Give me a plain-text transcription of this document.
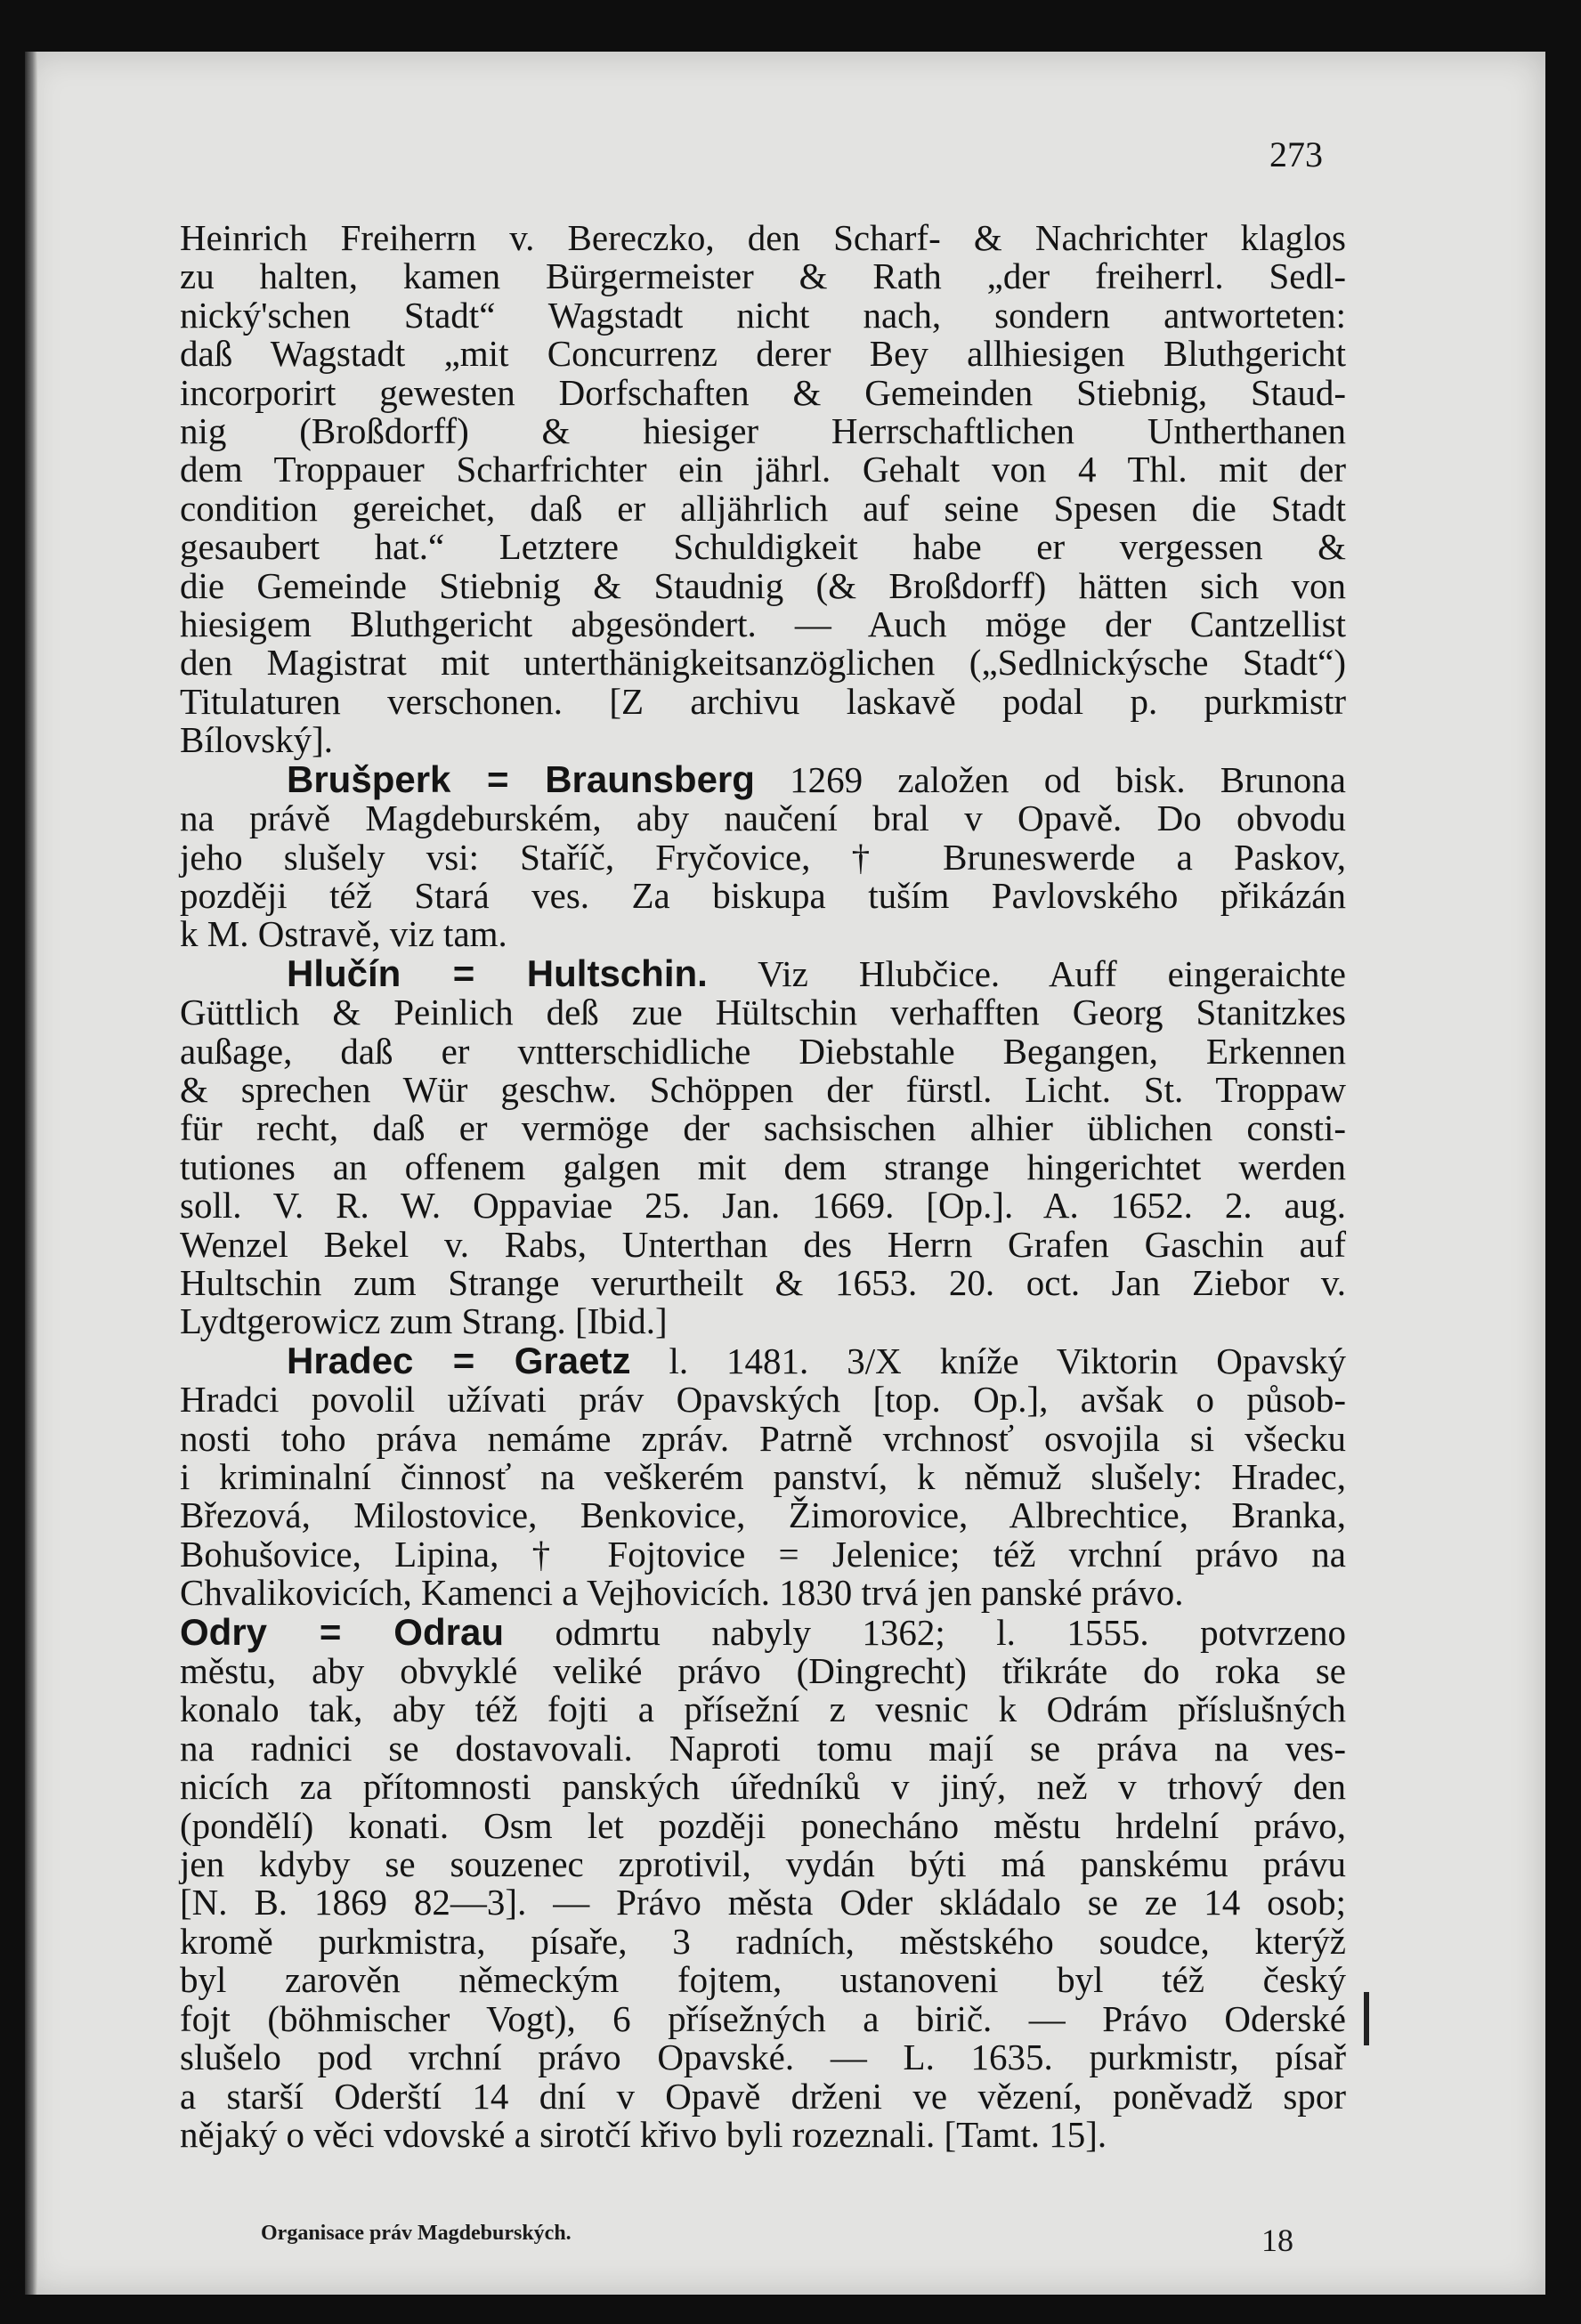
273
Heinrich Freiherrn v. Bereczko, den Scharf- & Nachrichter klaglos
zu halten, kamen Bürgermeister & Rath „der freiherrl. Sedl-
nický'schen Stadt“ Wagstadt nicht nach, sondern antworteten:
daß Wagstadt „mit Concurrenz derer Bey allhiesigen Bluthgericht
incorporirt gewesten Dorfschaften & Gemeinden Stiebnig, Staud-
nig (Broßdorff) & hiesiger Herrschaftlichen Untherthanen
dem Troppauer Scharfrichter ein jährl. Gehalt von 4 Thl. mit der
condition gereichet, daß er alljährlich auf seine Spesen die Stadt
gesaubert hat.“ Letztere Schuldigkeit habe er vergessen &
die Gemeinde Stiebnig & Staudnig (& Broßdorff) hätten sich von
hiesigem Bluthgericht abgesöndert. — Auch möge der Cantzellist
den Magistrat mit unterthänigkeitsanzöglichen („Sedlnickýsche Stadt“)
Titulaturen verschonen. [Z archivu laskavě podal p. purkmistr
Bílovský].
Brušperk = Braunsberg 1269 založen od bisk. Brunona
na právě Magdeburském, aby naučení bral v Opavě. Do obvodu
jeho slušely vsi: Staříč, Fryčovice, † Bruneswerde a Paskov,
později též Stará ves. Za biskupa tuším Pavlovského přikázán
k M. Ostravě, viz tam.
Hlučín = Hultschin. Viz Hlubčice. Auff eingeraichte
Güttlich & Peinlich deß zue Hültschin verhafften Georg Stanitzkes
außage, daß er vntterschidliche Diebstahle Begangen, Erkennen
& sprechen Wür geschw. Schöppen der fürstl. Licht. St. Troppaw
für recht, daß er vermöge der sachsischen alhier üblichen consti-
tutiones an offenem galgen mit dem strange hingerichtet werden
soll. V. R. W. Oppaviae 25. Jan. 1669. [Op.]. A. 1652. 2. aug.
Wenzel Bekel v. Rabs, Unterthan des Herrn Grafen Gaschin auf
Hultschin zum Strange verurtheilt & 1653. 20. oct. Jan Ziebor v.
Lydtgerowicz zum Strang. [Ibid.]
Hradec = Graetz l. 1481. 3/X kníže Viktorin Opavský
Hradci povolil užívati práv Opavských [top. Op.], avšak o působ-
nosti toho práva nemáme zpráv. Patrně vrchnosť osvojila si všecku
i kriminalní činnosť na veškerém panství, k němuž slušely: Hradec,
Březová, Milostovice, Benkovice, Žimorovice, Albrechtice, Branka,
Bohušovice, Lipina, † Fojtovice = Jelenice; též vrchní právo na
Chvalikovicích, Kamenci a Vejhovicích. 1830 trvá jen panské právo.
Odry = Odrau odmrtu nabyly 1362; l. 1555. potvrzeno
městu, aby obvyklé veliké právo (Dingrecht) třikráte do roka se
konalo tak, aby též fojti a přísežní z vesnic k Odrám příslušných
na radnici se dostavovali. Naproti tomu mají se práva na ves-
nicích za přítomnosti panských úředníků v jiný, než v trhový den
(pondělí) konati. Osm let později ponecháno městu hrdelní právo,
jen kdyby se souzenec zprotivil, vydán býti má panskému právu
[N. B. 1869 82—3]. — Právo města Oder skládalo se ze 14 osob;
kromě purkmistra, písaře, 3 radních, městského soudce, kterýž
byl zarověn německým fojtem, ustanoveni byl též český
fojt (böhmischer Vogt), 6 přísežných a birič. — Právo Oderské
slušelo pod vrchní právo Opavské. — L. 1635. purkmistr, písař
a starší Oderští 14 dní v Opavě drženi ve vězení, poněvadž spor
nějaký o věci vdovské a sirotčí křivo byli rozeznali. [Tamt. 15].
Organisace práv Magdeburských.	18
